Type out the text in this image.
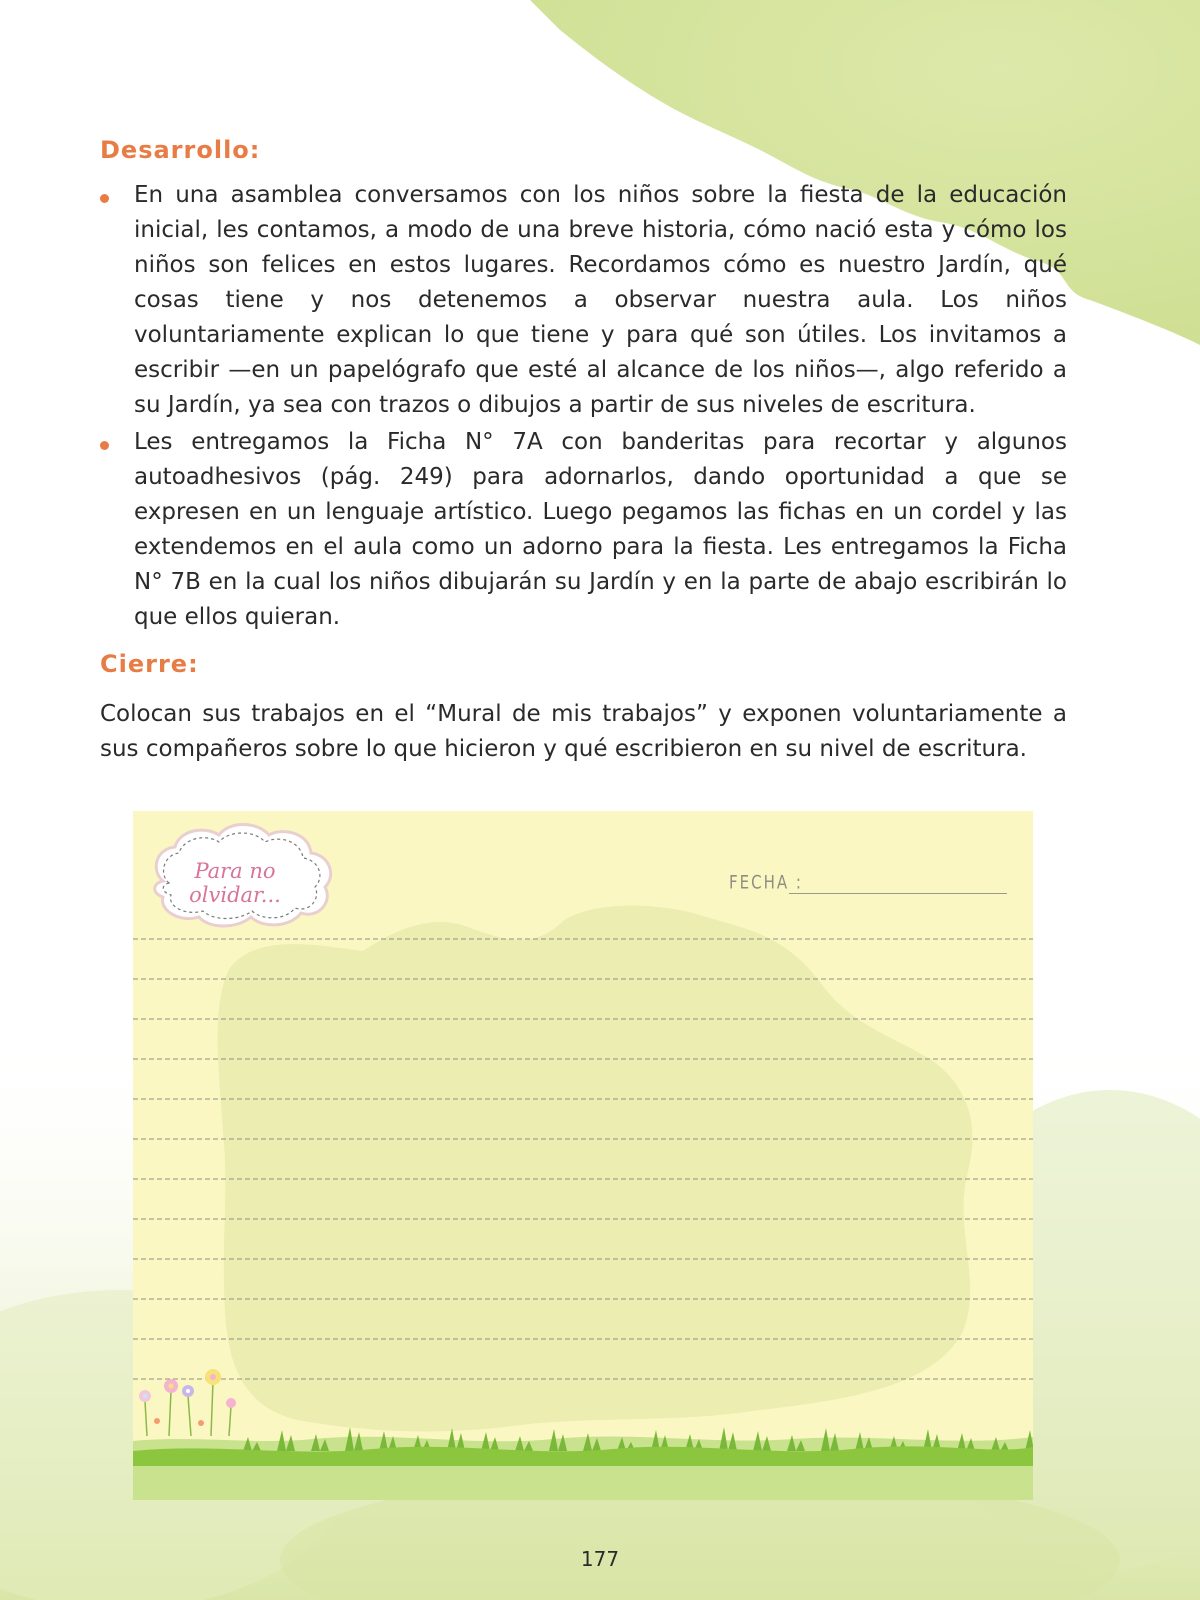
Desarrollo:
En una asamblea conversamos con los niños sobre la fiesta de la educación inicial, les contamos, a modo de una breve historia, cómo nació esta y cómo los niños son felices en estos lugares. Recordamos cómo es nuestro Jardín, qué cosas tiene y nos detenemos a observar nuestra aula. Los niños voluntariamente explican lo que tiene y para qué son útiles. Los invitamos a escribir —en un papelógrafo que esté al alcance de los niños—, algo referido a su Jardín, ya sea con trazos o dibujos a partir de sus niveles de escritura.
Les entregamos la Ficha N° 7A con banderitas para recortar y algunos autoadhesivos (pág. 249) para adornarlos, dando oportunidad a que se expresen en un lenguaje artístico. Luego pegamos las fichas en un cordel y las extendemos en el aula como un adorno para la fiesta. Les entregamos la Ficha N° 7B en la cual los niños dibujarán su Jardín y en la parte de abajo escribirán lo que ellos quieran.
Cierre:
Colocan sus trabajos en el “Mural de mis trabajos” y exponen voluntariamente a sus compañeros sobre lo que hicieron y qué escribieron en su nivel de escritura.
Para no olvidar...
FECHA :
177
